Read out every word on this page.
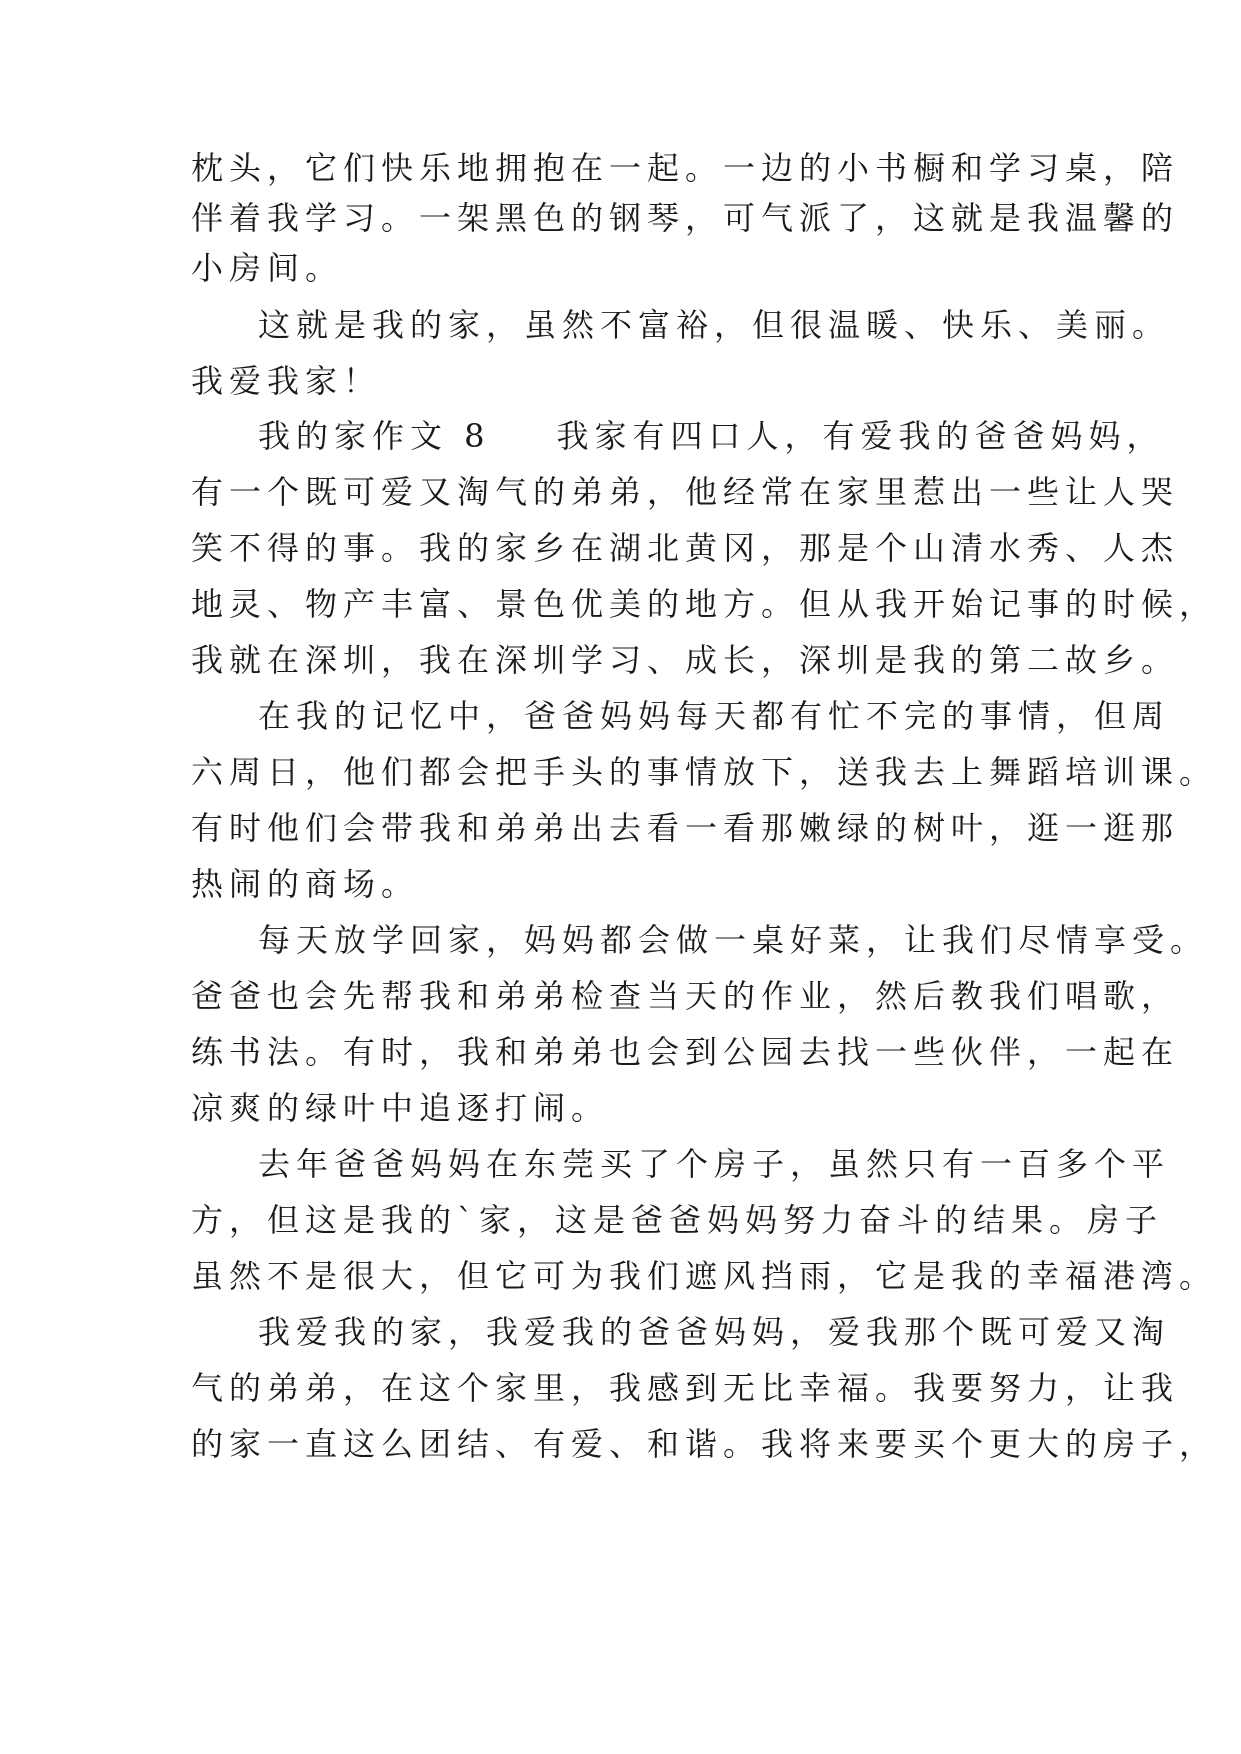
枕头，它们快乐地拥抱在一起。一边的小书橱和学习桌，陪
伴着我学习。一架黑色的钢琴，可气派了，这就是我温馨的
小房间。
这就是我的家，虽然不富裕，但很温暖、快乐、美丽。
我爱我家！
我的家作文 8 我家有四口人，有爱我的爸爸妈妈，
有一个既可爱又淘气的弟弟，他经常在家里惹出一些让人哭
笑不得的事。我的家乡在湖北黄冈，那是个山清水秀、人杰
地灵、物产丰富、景色优美的地方。但从我开始记事的时候，
我就在深圳，我在深圳学习、成长，深圳是我的第二故乡。
在我的记忆中，爸爸妈妈每天都有忙不完的事情，但周
六周日，他们都会把手头的事情放下，送我去上舞蹈培训课。
有时他们会带我和弟弟出去看一看那嫩绿的树叶，逛一逛那
热闹的商场。
每天放学回家，妈妈都会做一桌好菜，让我们尽情享受。
爸爸也会先帮我和弟弟检查当天的作业，然后教我们唱歌，
练书法。有时，我和弟弟也会到公园去找一些伙伴，一起在
凉爽的绿叶中追逐打闹。
去年爸爸妈妈在东莞买了个房子，虽然只有一百多个平
方，但这是我的`家，这是爸爸妈妈努力奋斗的结果。房子
虽然不是很大，但它可为我们遮风挡雨，它是我的幸福港湾。
我爱我的家，我爱我的爸爸妈妈，爱我那个既可爱又淘
气的弟弟，在这个家里，我感到无比幸福。我要努力，让我
的家一直这么团结、有爱、和谐。我将来要买个更大的房子，
